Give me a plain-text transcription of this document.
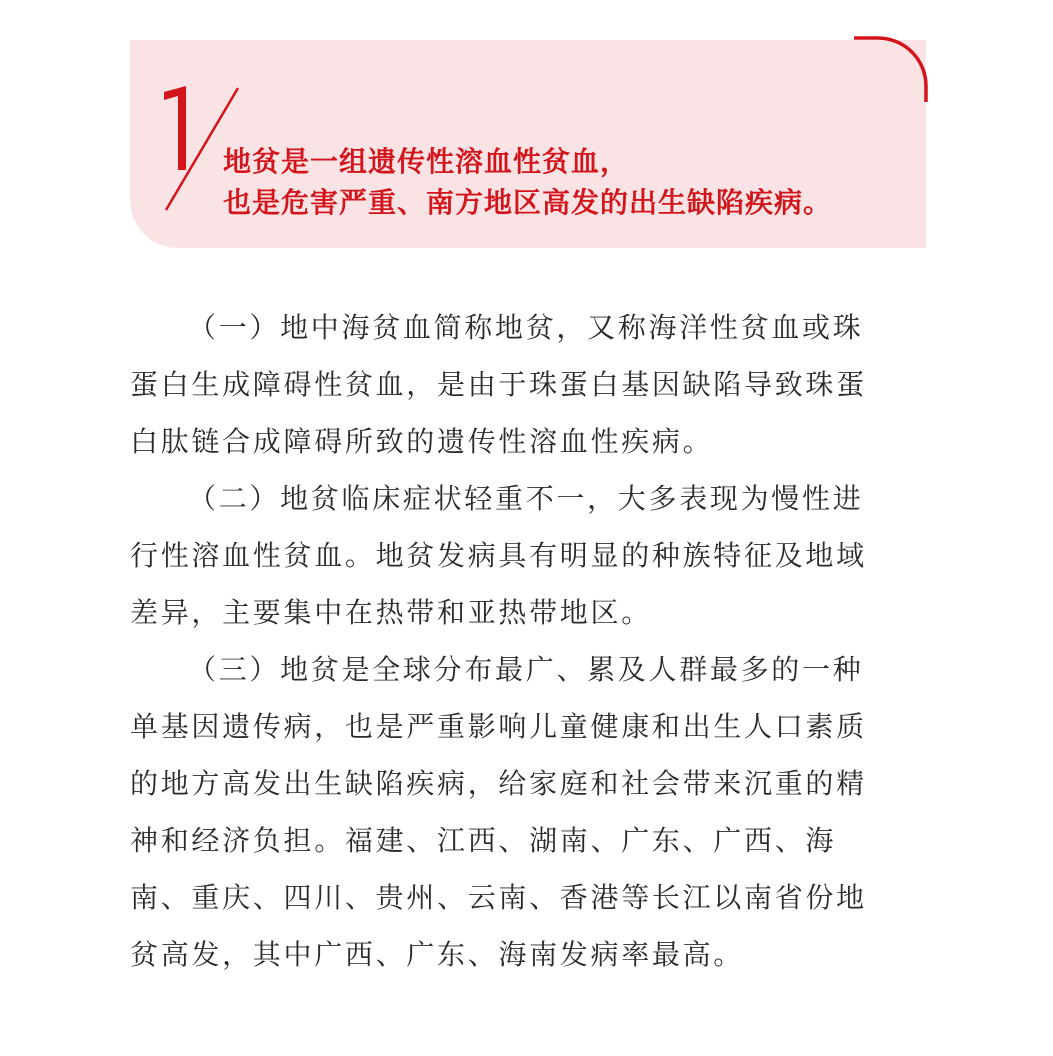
地贫是一组遗传性溶血性贫血，
也是危害严重、南方地区高发的出生缺陷疾病。

（一）地中海贫血简称地贫，又称海洋性贫血或珠
蛋白生成障碍性贫血，是由于珠蛋白基因缺陷导致珠蛋
白肽链合成障碍所致的遗传性溶血性疾病。

（二）地贫临床症状轻重不一，大多表现为慢性进
行性溶血性贫血。地贫发病具有明显的种族特征及地域
差异，主要集中在热带和亚热带地区。

（三）地贫是全球分布最广、累及人群最多的一种
单基因遗传病，也是严重影响儿童健康和出生人口素质
的地方高发出生缺陷疾病，给家庭和社会带来沉重的精
神和经济负担。福建、江西、湖南、广东、广西、海
南、重庆、四川、贵州、云南、香港等长江以南省份地
贫高发，其中广西、广东、海南发病率最高。
